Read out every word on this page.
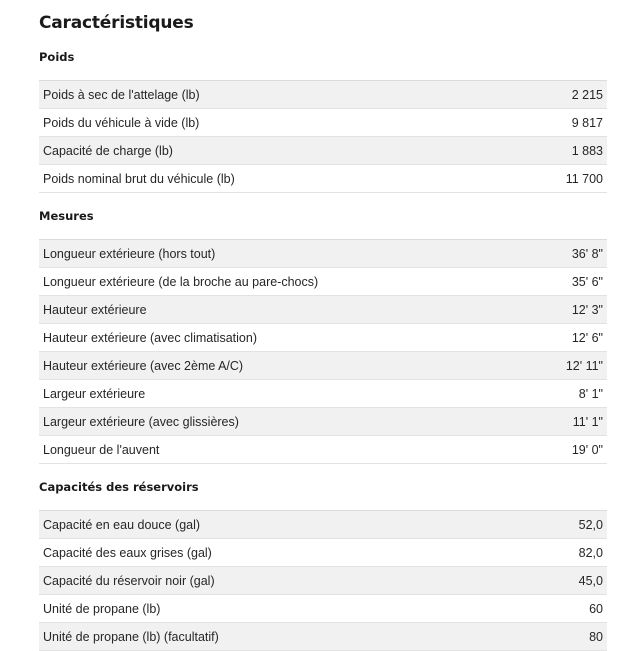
Caractéristiques
Poids
Poids à sec de l'attelage (lb)	2 215
Poids du véhicule à vide (lb)	9 817
Capacité de charge (lb)	1 883
Poids nominal brut du véhicule (lb)	11 700
Mesures
Longueur extérieure (hors tout)	36' 8"
Longueur extérieure (de la broche au pare-chocs)	35' 6"
Hauteur extérieure	12' 3"
Hauteur extérieure (avec climatisation)	12' 6"
Hauteur extérieure (avec 2ème A/C)	12' 11"
Largeur extérieure	8' 1"
Largeur extérieure (avec glissières)	11' 1"
Longueur de l'auvent	19' 0"
Capacités des réservoirs
Capacité en eau douce (gal)	52,0
Capacité des eaux grises (gal)	82,0
Capacité du réservoir noir (gal)	45,0
Unité de propane (lb)	60
Unité de propane (lb) (facultatif)	80
